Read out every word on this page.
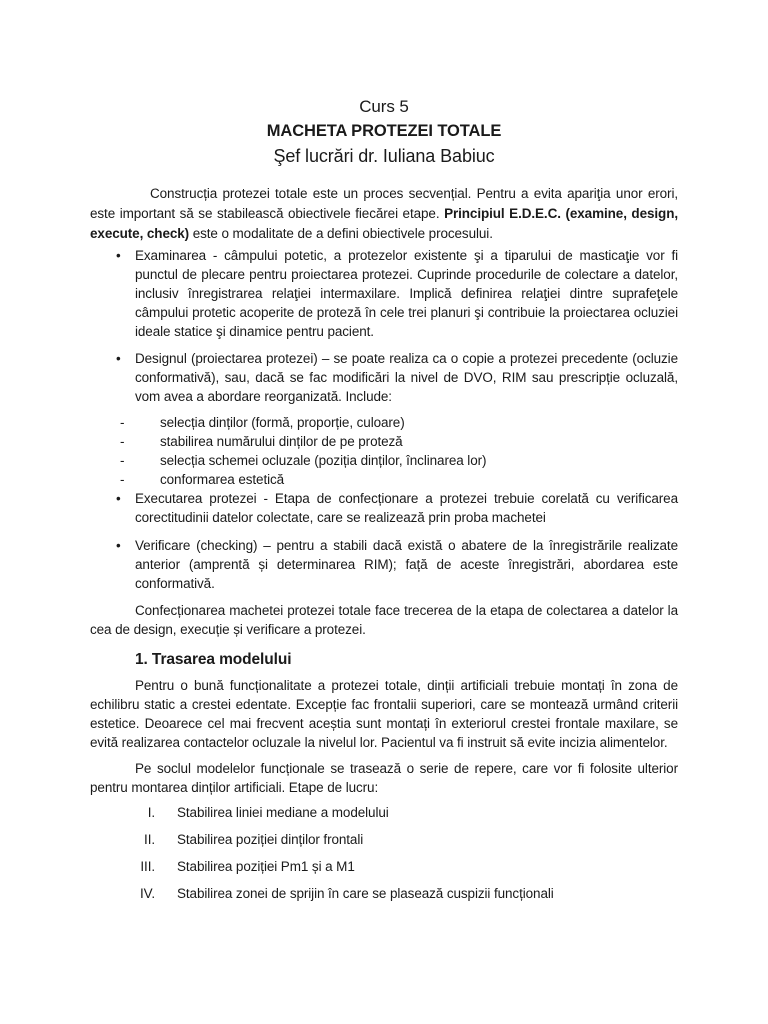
Curs 5
MACHETA PROTEZEI TOTALE
Şef lucrări dr. Iuliana Babiuc

Construcția protezei totale este un proces secvențial. Pentru a evita apariţia unor erori, este important să se stabilească obiectivele fiecărei etape. Principiul E.D.E.C. (examine, design, execute, check) este o modalitate de a defini obiectivele procesului.

• Examinarea - câmpului potetic, a protezelor existente şi a tiparului de masticaţie vor fi punctul de plecare pentru proiectarea protezei. Cuprinde procedurile de colectare a datelor, inclusiv înregistrarea relaţiei intermaxilare. Implică definirea relaţiei dintre suprafeţele câmpului protetic acoperite de proteză în cele trei planuri şi contribuie la proiectarea ocluziei ideale statice şi dinamice pentru pacient.
• Designul (proiectarea protezei) – se poate realiza ca o copie a protezei precedente (ocluzie conformativă), sau, dacă se fac modificări la nivel de DVO, RIM sau prescripție ocluzală, vom avea a abordare reorganizată. Include:
-	selecția dinților (formă, proporție, culoare)
-	stabilirea numărului dinților de pe proteză
-	selecția schemei ocluzale (poziția dinților, înclinarea lor)
-	conformarea estetică
• Executarea protezei - Etapa de confecționare a protezei trebuie corelată cu verificarea corectitudinii datelor colectate, care se realizează prin proba machetei
• Verificare (checking) – pentru a stabili dacă există o abatere de la înregistrările realizate anterior (amprentă și determinarea RIM); față de aceste înregistrări, abordarea este conformativă.

Confecționarea machetei protezei totale face trecerea de la etapa de colectarea a datelor la cea de design, execuție și verificare a protezei.

1. Trasarea modelului

Pentru o bună funcționalitate a protezei totale, dinții artificiali trebuie montați în zona de echilibru static a crestei edentate. Excepție fac frontalii superiori, care se montează urmând criterii estetice. Deoarece cel mai frecvent aceștia sunt montați în exteriorul crestei frontale maxilare, se evită realizarea contactelor ocluzale la nivelul lor. Pacientul va fi instruit să evite incizia alimentelor.

Pe soclul modelelor funcționale se trasează o serie de repere, care vor fi folosite ulterior pentru montarea dinților artificiali. Etape de lucru:

I. Stabilirea liniei mediane a modelului
II. Stabilirea poziției dinților frontali
III. Stabilirea poziției Pm1 și a M1
IV. Stabilirea zonei de sprijin în care se plasează cuspizii funcționali
